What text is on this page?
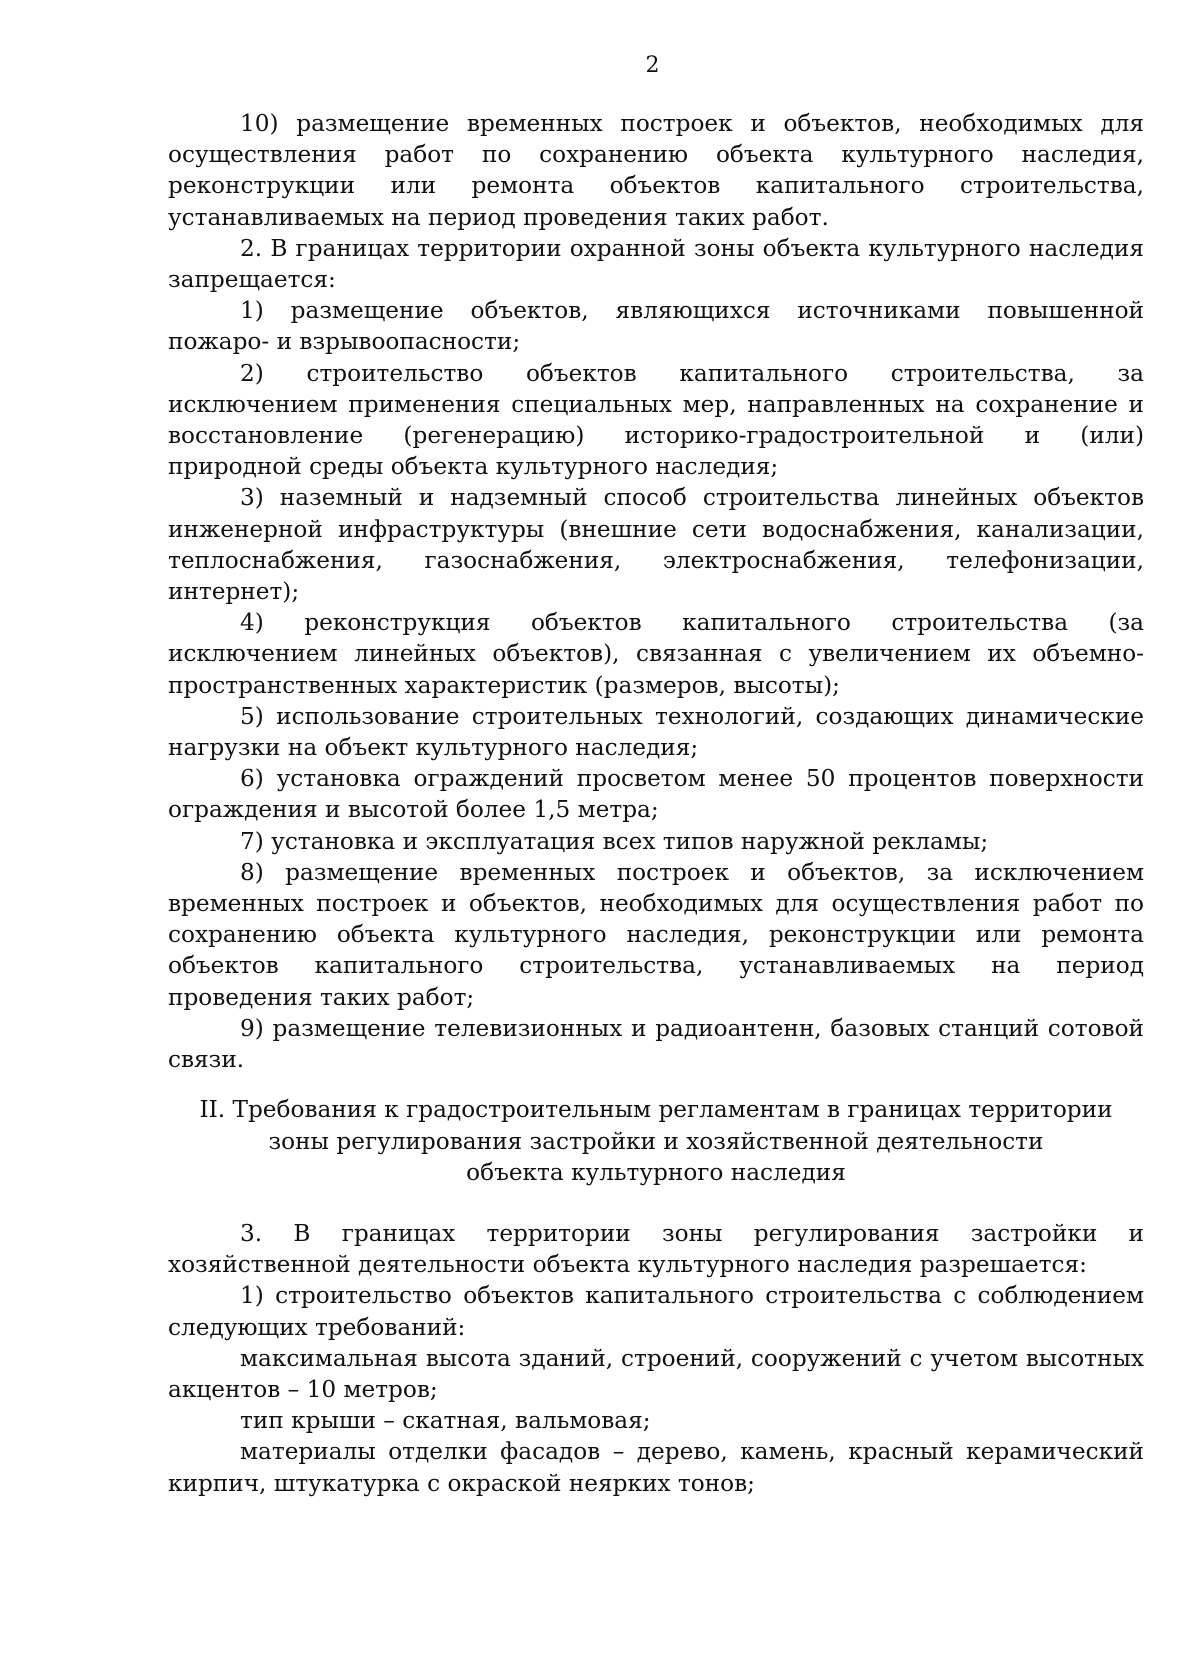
2

10) размещение временных построек и объектов, необходимых для осуществления работ по сохранению объекта культурного наследия, реконструкции или ремонта объектов капитального строительства, устанавливаемых на период проведения таких работ.

2. В границах территории охранной зоны объекта культурного наследия запрещается:

1) размещение объектов, являющихся источниками повышенной пожаро- и взрывоопасности;

2) строительство объектов капитального строительства, за исключением применения специальных мер, направленных на сохранение и восстановление (регенерацию) историко-градостроительной и (или) природной среды объекта культурного наследия;

3) наземный и надземный способ строительства линейных объектов инженерной инфраструктуры (внешние сети водоснабжения, канализации, теплоснабжения, газоснабжения, электроснабжения, телефонизации, интернет);

4) реконструкция объектов капитального строительства (за исключением линейных объектов), связанная с увеличением их объемно-пространственных характеристик (размеров, высоты);

5) использование строительных технологий, создающих динамические нагрузки на объект культурного наследия;

6) установка ограждений просветом менее 50 процентов поверхности ограждения и высотой более 1,5 метра;

7) установка и эксплуатация всех типов наружной рекламы;

8) размещение временных построек и объектов, за исключением временных построек и объектов, необходимых для осуществления работ по сохранению объекта культурного наследия, реконструкции или ремонта объектов капитального строительства, устанавливаемых на период проведения таких работ;

9) размещение телевизионных и радиоантенн, базовых станций сотовой связи.

II. Требования к градостроительным регламентам в границах территории
зоны регулирования застройки и хозяйственной деятельности
объекта культурного наследия

3. В границах территории зоны регулирования застройки и хозяйственной деятельности объекта культурного наследия разрешается:

1) строительство объектов капитального строительства с соблюдением следующих требований:

максимальная высота зданий, строений, сооружений с учетом высотных акцентов – 10 метров;

тип крыши – скатная, вальмовая;

материалы отделки фасадов – дерево, камень, красный керамический кирпич, штукатурка с окраской неярких тонов;
